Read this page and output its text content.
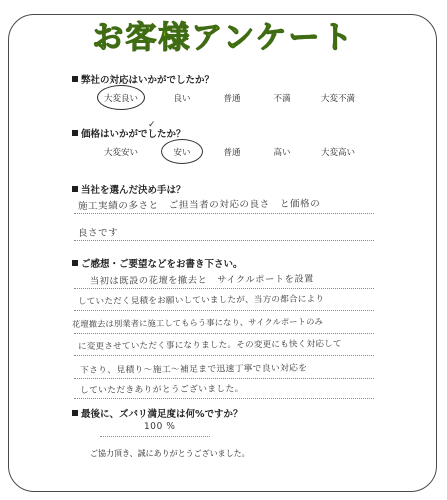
お客様アンケート
弊社の対応はいかがでしたか？
大変良い	良い	普通	不満	大変不満
価格はいかがでしたか？
大変安い	安い	普通	高い	大変高い
✓
当社を選んだ決め手は？
施工実績の多さと　ご担当者の対応の良さ　と価格の
良さです
ご感想・ご要望などをお書き下さい。
当初は既設の花壇を撤去と　サイクルポートを設置
していただく見積をお願いしていましたが、当方の都合により
花壇撤去は別業者に施工してもらう事になり、サイクルポートのみ
に変更させていただく事になりました。その変更にも快く対応して
下さり、見積り～施工〜補足まで迅速丁寧で良い対応を
していただきありがとうございました。
最後に、ズバリ満足度は何%ですか？
100 %
ご協力頂き、誠にありがとうございました。
